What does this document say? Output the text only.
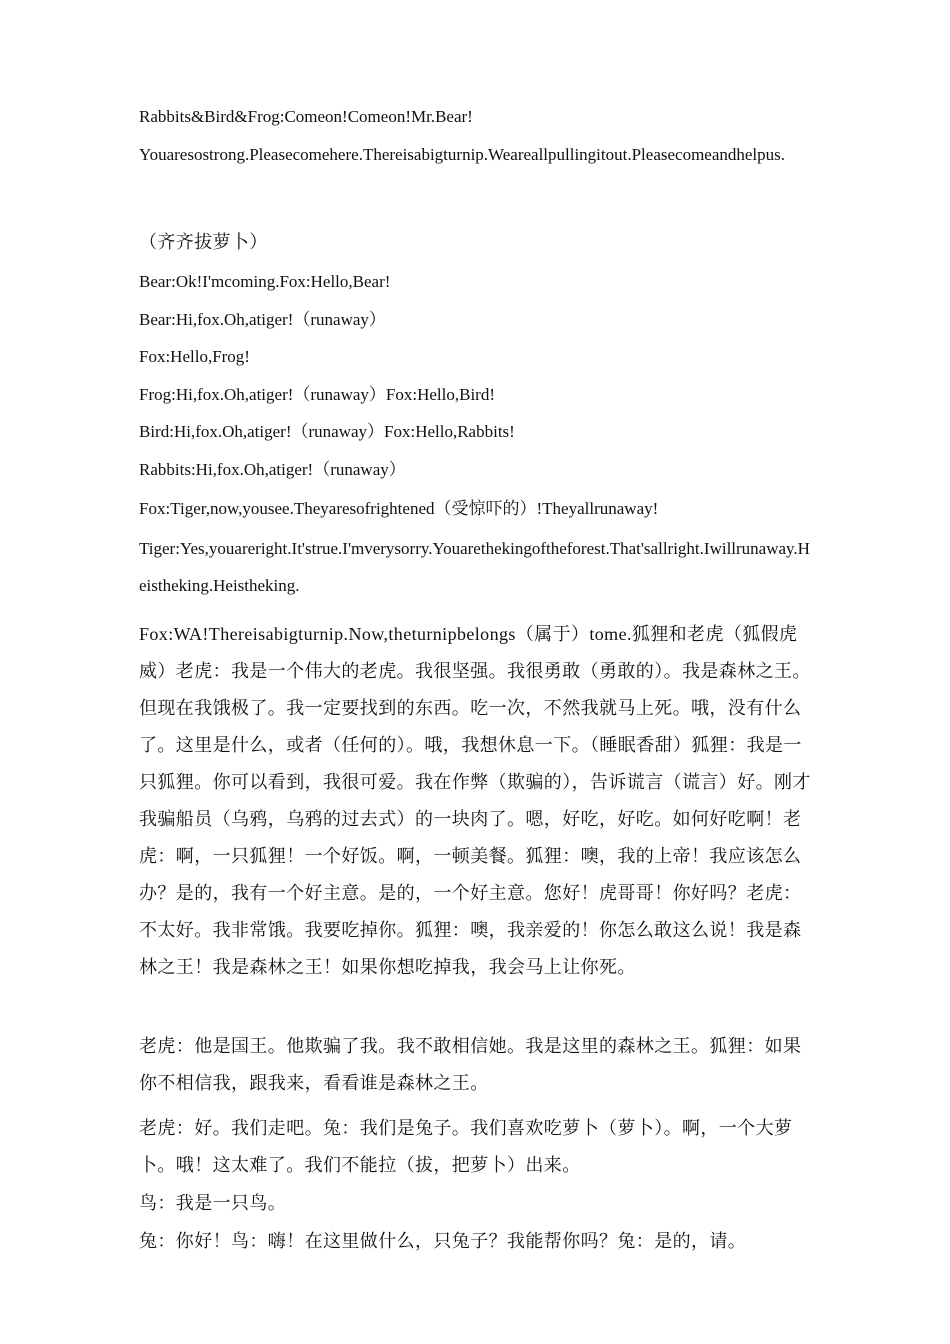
Rabbits&Bird&Frog:Comeon!Comeon!Mr.Bear!

Youaresostrong.Pleasecomehere.Thereisabigturnip.Weareallpullingitout.Pleasecomeandhelpus.

（齐齐拔萝卜）

Bear:Ok!I'mcoming.Fox:Hello,Bear!

Bear:Hi,fox.Oh,atiger!（runaway）

Fox:Hello,Frog!

Frog:Hi,fox.Oh,atiger!（runaway）Fox:Hello,Bird!

Bird:Hi,fox.Oh,atiger!（runaway）Fox:Hello,Rabbits!

Rabbits:Hi,fox.Oh,atiger!（runaway）

Fox:Tiger,now,yousee.Theyaresofrightened（受惊吓的）!Theyallrunaway!

Tiger:Yes,youareright.It'strue.I'mverysorry.Youarethekingoftheforest.That'sallright.Iwillrunaway.Heistheking.Heistheking.

Fox:WA!Thereisabigturnip.Now,theturnipbelongs（属于）tome.狐狸和老虎（狐假虎威）老虎：我是一个伟大的老虎。我很坚强。我很勇敢（勇敢的）。我是森林之王。但现在我饿极了。我一定要找到的东西。吃一次，不然我就马上死。哦，没有什么了。这里是什么，或者（任何的）。哦，我想休息一下。（睡眠香甜）狐狸：我是一只狐狸。你可以看到，我很可爱。我在作弊（欺骗的），告诉谎言（谎言）好。刚才我骗船员（乌鸦，乌鸦的过去式）的一块肉了。嗯，好吃，好吃。如何好吃啊！老虎：啊，一只狐狸！一个好饭。啊，一顿美餐。狐狸：噢，我的上帝！我应该怎么办？是的，我有一个好主意。是的，一个好主意。您好！虎哥哥！你好吗？老虎：不太好。我非常饿。我要吃掉你。狐狸：噢，我亲爱的！你怎么敢这么说！我是森林之王！我是森林之王！如果你想吃掉我，我会马上让你死。

老虎：他是国王。他欺骗了我。我不敢相信她。我是这里的森林之王。狐狸：如果你不相信我，跟我来，看看谁是森林之王。

老虎：好。我们走吧。兔：我们是兔子。我们喜欢吃萝卜（萝卜）。啊，一个大萝卜。哦！这太难了。我们不能拉（拔，把萝卜）出来。

鸟：我是一只鸟。

兔：你好！鸟：嗨！在这里做什么，只兔子？我能帮你吗？兔：是的，请。
